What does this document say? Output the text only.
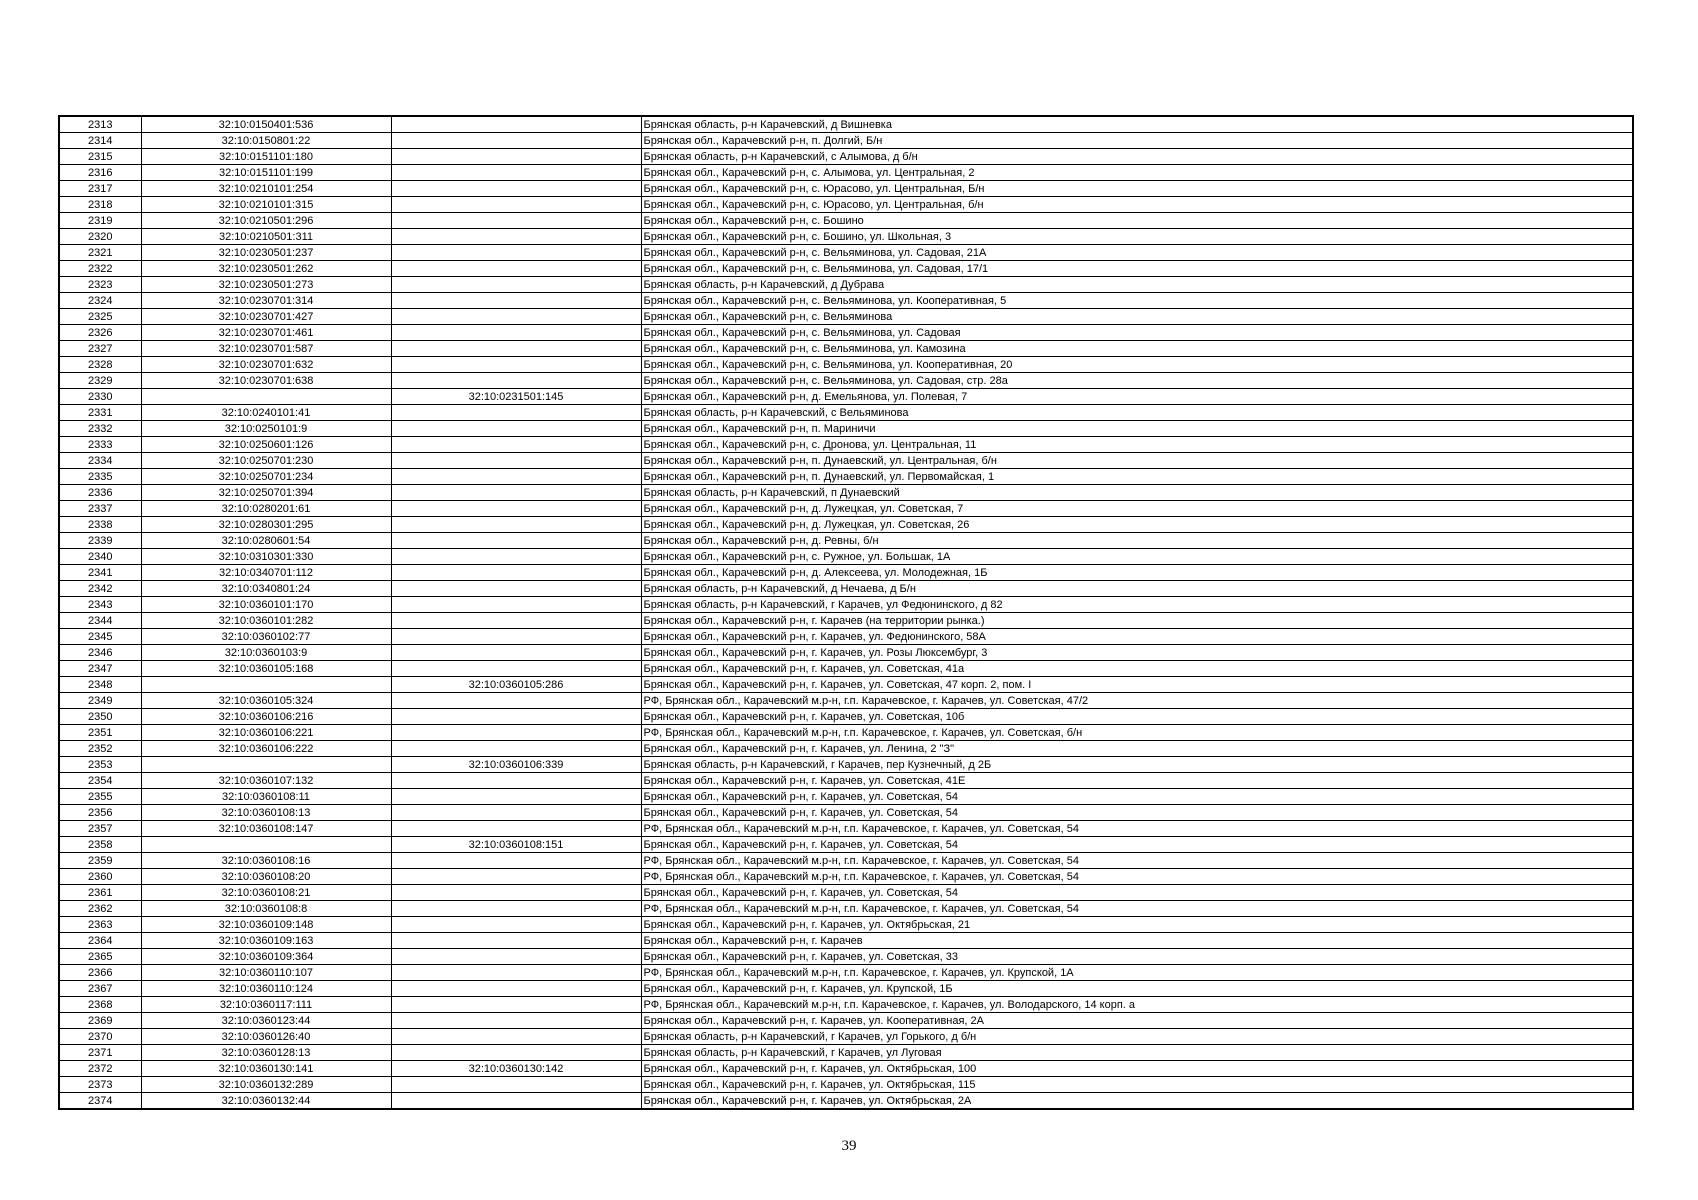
2313	32:10:0150401:536		Брянская область, р-н Карачевский, д Вишневка
2314	32:10:0150801:22		Брянская обл., Карачевский р-н, п. Долгий, Б/н
2315	32:10:0151101:180		Брянская область, р-н Карачевский, с Алымова, д б/н
2316	32:10:0151101:199		Брянская обл., Карачевский р-н, с. Алымова, ул. Центральная, 2
2317	32:10:0210101:254		Брянская обл., Карачевский р-н, с. Юрасово, ул. Центральная, Б/н
2318	32:10:0210101:315		Брянская обл., Карачевский р-н, с. Юрасово, ул. Центральная, б/н
2319	32:10:0210501:296		Брянская обл., Карачевский р-н, с. Бошино
2320	32:10:0210501:311		Брянская обл., Карачевский р-н, с. Бошино, ул. Школьная, 3
2321	32:10:0230501:237		Брянская обл., Карачевский р-н, с. Вельяминова, ул. Садовая, 21А
2322	32:10:0230501:262		Брянская обл., Карачевский р-н, с. Вельяминова, ул. Садовая, 17/1
2323	32:10:0230501:273		Брянская область, р-н Карачевский, д Дубрава
2324	32:10:0230701:314		Брянская обл., Карачевский р-н, с. Вельяминова, ул. Кооперативная, 5
2325	32:10:0230701:427		Брянская обл., Карачевский р-н, с. Вельяминова
2326	32:10:0230701:461		Брянская обл., Карачевский р-н, с. Вельяминова, ул. Садовая
2327	32:10:0230701:587		Брянская обл., Карачевский р-н, с. Вельяминова, ул. Камозина
2328	32:10:0230701:632		Брянская обл., Карачевский р-н, с. Вельяминова, ул. Кооперативная, 20
2329	32:10:0230701:638		Брянская обл., Карачевский р-н, с. Вельяминова, ул. Садовая, стр. 28а
2330		32:10:0231501:145	Брянская обл., Карачевский р-н, д. Емельянова, ул. Полевая, 7
2331	32:10:0240101:41		Брянская область, р-н Карачевский, с Вельяминова
2332	32:10:0250101:9		Брянская обл., Карачевский р-н, п. Мариничи
2333	32:10:0250601:126		Брянская обл., Карачевский р-н, с. Дронова, ул. Центральная, 11
2334	32:10:0250701:230		Брянская обл., Карачевский р-н, п. Дунаевский, ул. Центральная, б/н
2335	32:10:0250701:234		Брянская обл., Карачевский р-н, п. Дунаевский, ул. Первомайская, 1
2336	32:10:0250701:394		Брянская область, р-н Карачевский, п Дунаевский
2337	32:10:0280201:61		Брянская обл., Карачевский р-н, д. Лужецкая, ул. Советская, 7
2338	32:10:0280301:295		Брянская обл., Карачевский р-н, д. Лужецкая, ул. Советская, 26
2339	32:10:0280601:54		Брянская обл., Карачевский р-н, д. Ревны, б/н
2340	32:10:0310301:330		Брянская обл., Карачевский р-н, с. Ружное, ул. Большак, 1А
2341	32:10:0340701:112		Брянская обл., Карачевский р-н, д. Алексеева, ул. Молодежная, 1Б
2342	32:10:0340801:24		Брянская область, р-н Карачевский, д Нечаева, д Б/н
2343	32:10:0360101:170		Брянская область, р-н Карачевский, г Карачев, ул Федюнинского, д 82
2344	32:10:0360101:282		Брянская обл., Карачевский р-н, г. Карачев (на территории рынка.)
2345	32:10:0360102:77		Брянская обл., Карачевский р-н, г. Карачев, ул. Федюнинского, 58А
2346	32:10:0360103:9		Брянская обл., Карачевский р-н, г. Карачев, ул. Розы Люксембург, 3
2347	32:10:0360105:168		Брянская обл., Карачевский р-н, г. Карачев, ул. Советская, 41а
2348		32:10:0360105:286	Брянская обл., Карачевский р-н, г. Карачев, ул. Советская, 47 корп. 2, пом. I
2349	32:10:0360105:324		РФ, Брянская обл., Карачевский м.р-н, г.п. Карачевское, г. Карачев, ул. Советская, 47/2
2350	32:10:0360106:216		Брянская обл., Карачевский р-н, г. Карачев, ул. Советская, 10б
2351	32:10:0360106:221		РФ, Брянская обл., Карачевский м.р-н, г.п. Карачевское, г. Карачев, ул. Советская, б/н
2352	32:10:0360106:222		Брянская обл., Карачевский р-н, г. Карачев, ул. Ленина, 2 "З"
2353		32:10:0360106:339	Брянская область, р-н Карачевский, г Карачев, пер Кузнечный, д 2Б
2354	32:10:0360107:132		Брянская обл., Карачевский р-н, г. Карачев, ул. Советская, 41Е
2355	32:10:0360108:11		Брянская обл., Карачевский р-н, г. Карачев, ул. Советская, 54
2356	32:10:0360108:13		Брянская обл., Карачевский р-н, г. Карачев, ул. Советская, 54
2357	32:10:0360108:147		РФ, Брянская обл., Карачевский м.р-н, г.п. Карачевское, г. Карачев, ул. Советская, 54
2358		32:10:0360108:151	Брянская обл., Карачевский р-н, г. Карачев, ул. Советская, 54
2359	32:10:0360108:16		РФ, Брянская обл., Карачевский м.р-н, г.п. Карачевское, г. Карачев, ул. Советская, 54
2360	32:10:0360108:20		РФ, Брянская обл., Карачевский м.р-н, г.п. Карачевское, г. Карачев, ул. Советская, 54
2361	32:10:0360108:21		Брянская обл., Карачевский р-н, г. Карачев, ул. Советская, 54
2362	32:10:0360108:8		РФ, Брянская обл., Карачевский м.р-н, г.п. Карачевское, г. Карачев, ул. Советская, 54
2363	32:10:0360109:148		Брянская обл., Карачевский р-н, г. Карачев, ул. Октябрьская, 21
2364	32:10:0360109:163		Брянская обл., Карачевский р-н, г. Карачев
2365	32:10:0360109:364		Брянская обл., Карачевский р-н, г. Карачев, ул. Советская, 33
2366	32:10:0360110:107		РФ, Брянская обл., Карачевский м.р-н, г.п. Карачевское, г. Карачев, ул. Крупской, 1А
2367	32:10:0360110:124		Брянская обл., Карачевский р-н, г. Карачев, ул. Крупской, 1Б
2368	32:10:0360117:111		РФ, Брянская обл., Карачевский м.р-н, г.п. Карачевское, г. Карачев, ул. Володарского, 14 корп. а
2369	32:10:0360123:44		Брянская обл., Карачевский р-н, г. Карачев, ул. Кооперативная, 2А
2370	32:10:0360126:40		Брянская область, р-н Карачевский, г Карачев, ул Горького, д б/н
2371	32:10:0360128:13		Брянская область, р-н Карачевский, г Карачев, ул Луговая
2372	32:10:0360130:141	32:10:0360130:142	Брянская обл., Карачевский р-н, г. Карачев, ул. Октябрьская, 100
2373	32:10:0360132:289		Брянская обл., Карачевский р-н, г. Карачев, ул. Октябрьская, 115
2374	32:10:0360132:44		Брянская обл., Карачевский р-н, г. Карачев, ул. Октябрьская, 2А
39
